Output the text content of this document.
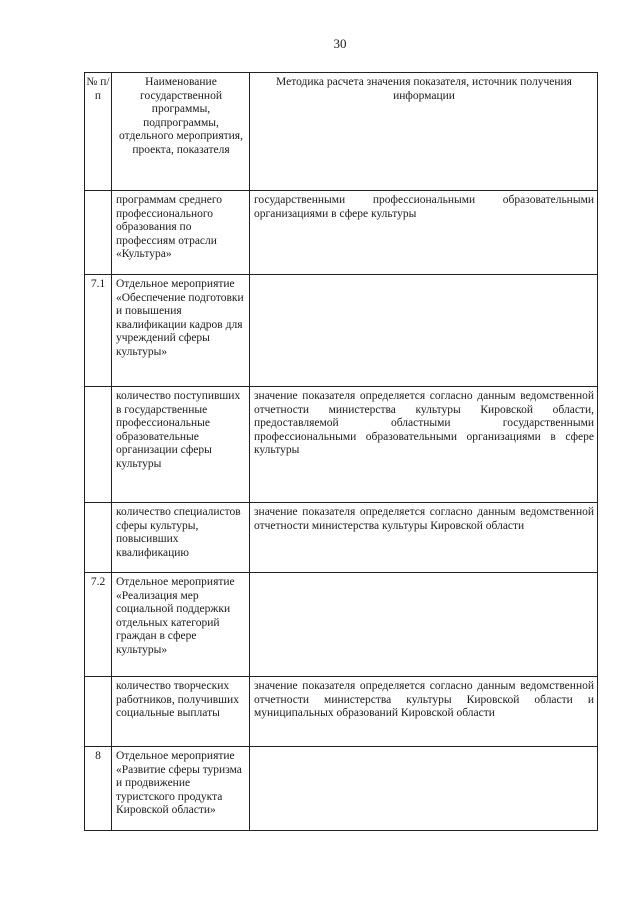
30
№ п/п	Наименование государственной программы, подпрограммы, отдельного мероприятия, проекта, показателя	Методика расчета значения показателя, источник получения информации
	программам среднего профессионального образования по профессиям отрасли «Культура»	государственными профессиональными образовательными организациями в сфере культуры
7.1	Отдельное мероприятие «Обеспечение подготовки и повышения квалификации кадров для учреждений сферы культуры»	
	количество поступивших в государственные профессиональные образовательные организации сферы культуры	значение показателя определяется согласно данным ведомственной отчетности министерства культуры Кировской области, предоставляемой областными государственными профессиональными образовательными организациями в сфере культуры
	количество специалистов сферы культуры, повысивших квалификацию	значение показателя определяется согласно данным ведомственной отчетности министерства культуры Кировской области
7.2	Отдельное мероприятие «Реализация мер социальной поддержки отдельных категорий граждан в сфере культуры»	
	количество творческих работников, получивших социальные выплаты	значение показателя определяется согласно данным ведомственной отчетности министерства культуры Кировской области и муниципальных образований Кировской области
8	Отдельное мероприятие «Развитие сферы туризма и продвижение туристского продукта Кировской области»	
